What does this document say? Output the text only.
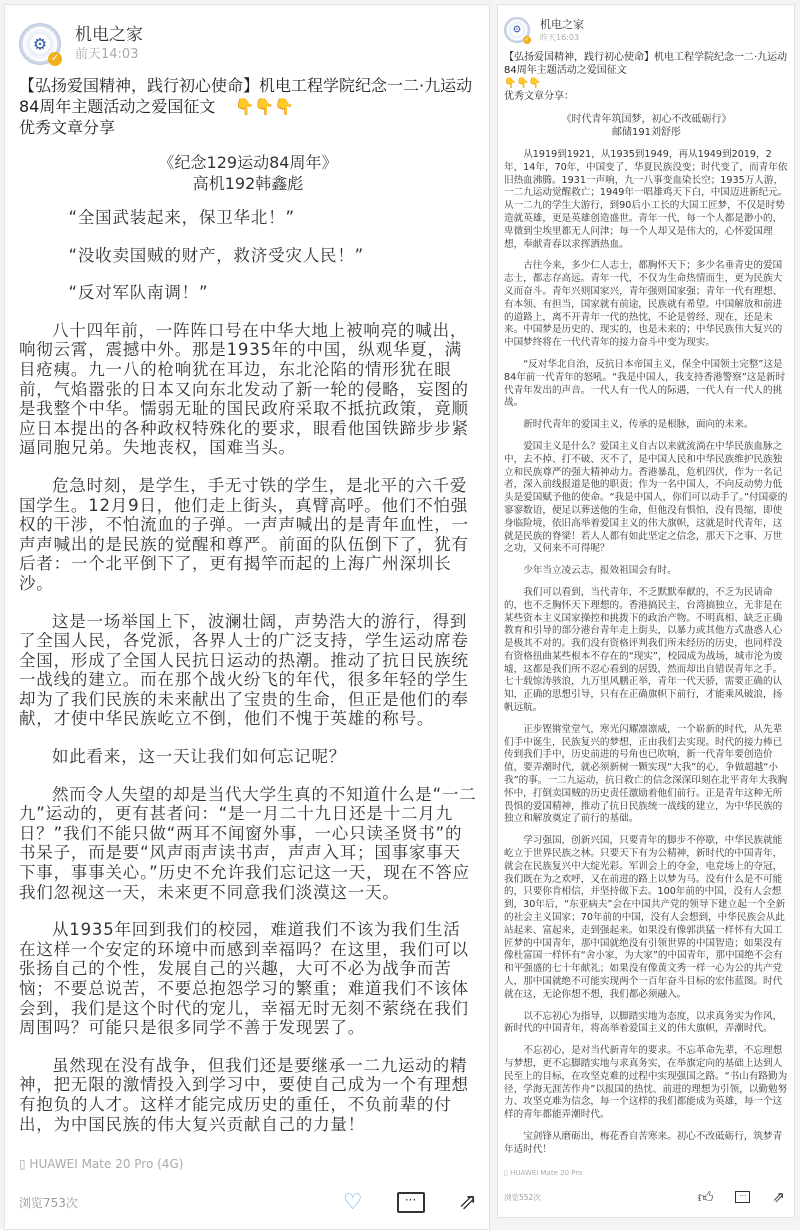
⚙
✓
机电之家
前天14:03
【弘扬爱国精神，践行初心使命】机电工程学院纪念一二·九运动
84周年主题活动之爱国征文 👇👇👇
优秀文章分享
《纪念129运动84周年》
高机192韩鑫彪

“全国武装起来，保卫华北！”

“没收卖国贼的财产，救济受灾人民！”

“反对军队南调！”

八十四年前，一阵阵口号在中华大地上被响亮的喊出，响彻云霄，震撼中外。那是1935年的中国，纵观华夏，满目疮痍。九一八的枪响犹在耳边，东北沦陷的情形犹在眼前，气焰嚣张的日本又向东北发动了新一轮的侵略，妄图的是我整个中华。懦弱无耻的国民政府采取不抵抗政策，竟顺应日本提出的各种政权特殊化的要求，眼看他国铁蹄步步紧逼同胞兄弟。失地丧权，国难当头。

危急时刻，是学生，手无寸铁的学生，是北平的六千爱国学生。12月9日，他们走上街头，真臂高呼。他们不怕强权的干涉，不怕流血的子弹。一声声喊出的是青年血性，一声声喊出的是民族的觉醒和尊严。前面的队伍倒下了，犹有后者：一个北平倒下了，更有揭竿而起的上海广州深圳长沙。

这是一场举国上下，波澜壮阔，声势浩大的游行，得到了全国人民，各党派，各界人士的广泛支持，学生运动席卷全国，形成了全国人民抗日运动的热潮。推动了抗日民族统一战线的建立。而在那个战火纷飞的年代，很多年轻的学生却为了我们民族的未来献出了宝贵的生命，但正是他们的奉献，才使中华民族屹立不倒，他们不愧于英雄的称号。

如此看来，这一天让我们如何忘记呢？

然而令人失望的却是当代大学生真的不知道什么是“一二九”运动的，更有甚者问：“是一月二十九日还是十二月九日？”我们不能只做“两耳不闻窗外事，一心只读圣贤书”的书呆子，而是要“风声雨声读书声，声声入耳；国事家事天下事，事事关心。”历史不允许我们忘记这一天，现在不答应我们忽视这一天，未来更不同意我们淡漠这一天。

从1935年回到我们的校园，难道我们不该为我们生活在这样一个安定的环境中而感到幸福吗？在这里，我们可以张扬自己的个性，发展自己的兴趣，大可不必为战争而苦恼；不要总说苦，不要总抱怨学习的繁重；难道我们不该体会到，我们是这个时代的宠儿，幸福无时无刻不萦绕在我们周围吗？可能只是很多同学不善于发现罢了。

虽然现在没有战争，但我们还是要继承一二九运动的精神，把无限的激情投入到学习中，要使自己成为一个有理想有抱负的人才。这样才能完成历史的重任，不负前辈的付出，为中国民族的伟大复兴贡献自己的力量！

▯ HUAWEI Mate 20 Pro (4G)
浏览753次	♡	···	⇗
⚙
✓
机电之家
昨天16:03
【弘扬爱国精神，践行初心使命】机电工程学院纪念一二·九运动
84周年主题活动之爱国征文
👇👇👇
优秀文章分享：
《时代青年筑国梦，初心不改砥砺行》
邮储191刘舒彤

从1919到1921，从1935到1949，再从1949到2019，2年，14年，70年，中国变了，华夏民族没变；时代变了，而青年依旧热血沸腾。1931一声响，九一八事变血染长空；1935万人游，一二九运动觉醒救亡；1949年一唱雄鸡天下白，中国迈进新纪元。从一二九的学生大游行，到90后小工长的大国工匠梦，不仅是时势造就英雄，更是英雄创造盛世。青年一代，每一个人都是渺小的，卑微到尘埃里都无人问津；每一个人却又是伟大的，心怀爱国理想，奉献青春以求挥洒热血。

古往今来，多少仁人志士，都胸怀天下；多少名垂青史的爱国志士，都志存高远。青年一代，不仅为生命热情而生，更为民族大义而奋斗。青年兴则国家兴，青年强则国家强；青年一代有理想、有本领、有担当，国家就有前途，民族就有希望。中国解放和前进的道路上，离不开青年一代的热忱，不论是曾经、现在，还是未来。中国梦是历史的、现实的，也是未来的；中华民族伟大复兴的中国梦终将在一代代青年的接力奋斗中变为现实。

“反对华北自治，反抗日本帝国主义，保全中国领土完整”这是84年前一代青年的怒吼。“我是中国人，我支持香港警察”这是新时代青年发出的声音。一代人有一代人的际遇，一代人有一代人的挑战。

新时代青年的爱国主义，传承的是根脉，面向的未来。

爱国主义是什么？爱国主义自古以来就流淌在中华民族血脉之中，去不掉、打不破、灭不了，是中国人民和中华民族维护民族独立和民族尊严的强大精神动力。香港暴乱，危机四伏，作为一名记者，深入前线报道是他的职责；作为一名中国人，不向反动势力低头是爱国赋予他的使命。“我是中国人，你们可以动手了。”付国豪的寥寥数语，便足以葬送他的生命，但他没有惧怕，没有畏缩，即使身临险境，依旧高举着爱国主义的伟大旗帜，这就是时代青年，这就是民族的脊梁！若人人都有如此坚定之信念，那天下之事、万世之功，又何来不可得呢？

少年当立凌云志，报效祖国会有时。

我们可以看到，当代青年，不乏默默奉献的，不乏为民请命的，也不乏胸怀天下理想的。香港搞民主，台湾搞独立，无非是在某些资本主义国家操控和挑拨下的政治产物。不明真相、缺乏正确教育和引导的部分港台青年走上街头，以暴力或其他方式蛊惑人心是极其不对的。我们没有资格评判我们所未经历的历史，也同样没有资格扭曲某些根本不存在的“现实”，校园成为战场，城市沦为废墟，这都是我们所不忍心看到的居毁，然而却出自错误青年之手。七十载惊涛骇浪，九万里风鹏正举，青年一代天骄，需要正确的认知，正确的思想引导，只有在正确旗帜下前行，才能乘风破浪，扬帆远航。

正步铿锵堂堂气，寒光闪耀凛凛威，一个崭新的时代，从先辈们手中诞生，民族复兴的梦想，正由我们去实现。时代的接力棒已传到我们手中，历史前进的号角也已吹响，新一代青年要创造价值，要弄潮时代，就必须新树一颗实现“大我”的心，争做超越“小我”的事。一二九运动，抗日救亡的信念深深印刻在北平青年大我胸怀中，打倒卖国贼的历史责任激励着他们前行。正是青年这种无所畏惧的爱国精神，推动了抗日民族统一战线的建立，为中华民族的独立和解放奠定了前行的基础。

学习强国，创新兴国，只要青年的脚步不停歇，中华民族就能屹立于世界民族之林。只要天下有为公精神，新时代的中国青年，就会在民族复兴中大绽光彩。军训会上的夺金，电竞场上的夺冠，我们既在为之欢呼，又在前进的路上以梦为马。没有什么是不可能的，只要你肯相信，并坚持做下去。100年前的中国，没有人会想到，30年后，“东亚病夫”会在中国共产党的领导下建立起一个全新的社会主义国家；70年前的中国，没有人会想到，中华民族会从此站起来、富起来，走到强起来。如果没有像郭洪猛一样怀有大国工匠梦的中国青年，那中国就绝没有引领世界的中国智造；如果没有像杜富国一样怀有“舍小家，为大家”的中国青年，那中国绝不会有和平强盛的七十年献礼；如果没有像黄文秀一样一心为公的共产党人，那中国就绝不可能实现两个一百年奋斗目标的宏伟蓝图。时代就在这，无论你想不想，我们都必须融入。

以不忘初心为指导，以脚踏实地为态度，以求真务实为作风，新时代的中国青年，将高举着爱国主义的伟大旗帜，弄潮时代。

不忘初心，是对当代新青年的要求。不忘革命先辈，不忘理想与梦想，更不忘脚踏实地与求真务实，在举旗定向的基础上达到人民至上的目标，在攻坚克难的过程中实现强国之路。“书山有路勤为径，学海无涯苦作舟”以报国的热忱、前进的理想为引领，以勤勉努力、攻坚克难为信念，每一个这样的我们都能成为英雄，每一个这样的青年都能弄潮时代。

宝剑锋从磨砺出，梅花香自苦寒来。初心不改砥砺行，筑梦青年适时代！

▯ HUAWEI Mate 20 Pro
浏览552次	👍︎	··· ⇗
